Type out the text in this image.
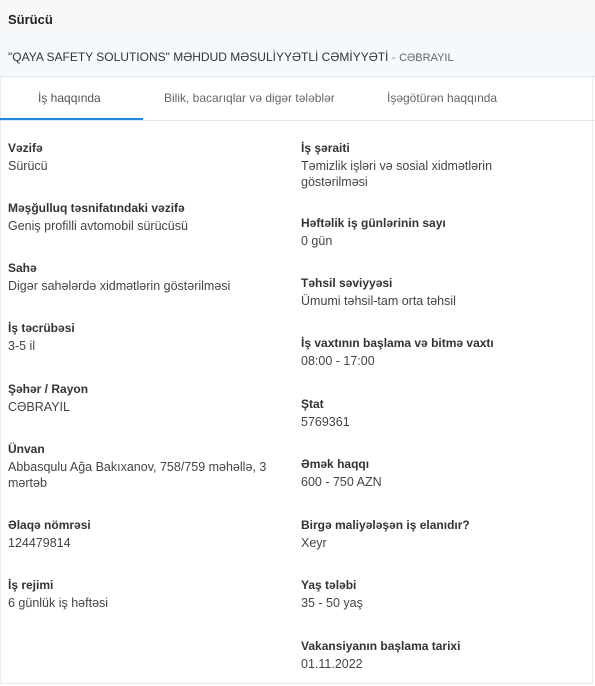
Sürücü
"QAYA SAFETY SOLUTIONS" MƏHDUD MƏSULİYYƏTLİ CƏMİYYƏTİ - CƏBRAYIL
İş haqqında	Bilik, bacarıqlar və digər tələblər	İşəgötürən haqqında
Vəzifə
Sürücü
Məşğulluq təsnifatındaki vəzifə
Geniş profilli avtomobil sürücüsü
Sahə
Digər sahələrdə xidmətlərin göstərilməsi
İş təcrübəsi
3-5 il
Şəhər / Rayon
CƏBRAYIL
Ünvan
Abbasqulu Ağa Bakıxanov, 758/759 məhəllə, 3 mərtəb
Əlaqə nömrəsi
124479814
İş rejimi
6 günlük iş həftəsi
İş şəraiti
Təmizlik işləri və sosial xidmətlərin göstərilməsi
Həftəlik iş günlərinin sayı
0 gün
Təhsil səviyyəsi
Ümumi təhsil-tam orta təhsil
İş vaxtının başlama və bitmə vaxtı
08:00 - 17:00
Ştat
5769361
Əmək haqqı
600 - 750 AZN
Birgə maliyələşən iş elanıdır?
Xeyr
Yaş tələbi
35 - 50 yaş
Vakansiyanın başlama tarixi
01.11.2022
